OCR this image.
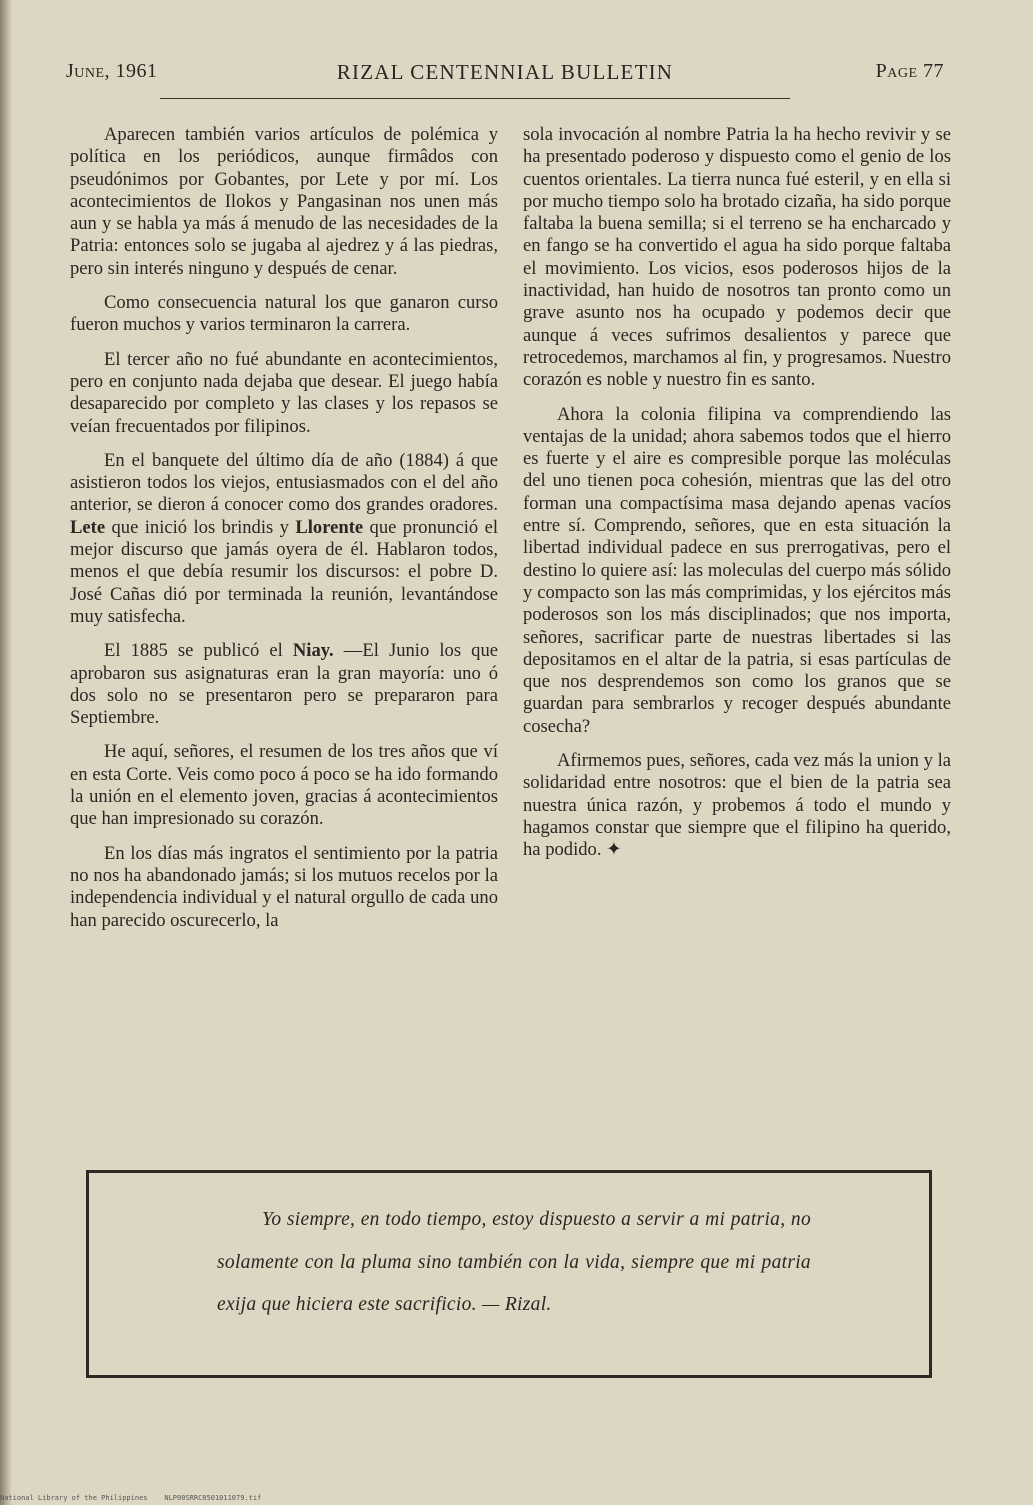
June, 1961	RIZAL CENTENNIAL BULLETIN	Page 77

Aparecen también varios artículos de polémica y política en los periódicos, aunque firmâdos con pseudónimos por Gobantes, por Lete y por mí. Los acontecimientos de Ilokos y Pangasinan nos unen más aun y se habla ya más á menudo de las necesidades de la Patria: entonces solo se jugaba al ajedrez y á las piedras, pero sin interés ninguno y después de cenar.

Como consecuencia natural los que ganaron curso fueron muchos y varios terminaron la carrera.

El tercer año no fué abundante en acontecimientos, pero en conjunto nada dejaba que desear. El juego había desaparecido por completo y las clases y los repasos se veían frecuentados por filipinos.

En el banquete del último día de año (1884) á que asistieron todos los viejos, entusiasmados con el del año anterior, se dieron á conocer como dos grandes oradores. Lete que inició los brindis y Llorente que pronunció el mejor discurso que jamás oyera de él. Hablaron todos, menos el que debía resumir los discursos: el pobre D. José Cañas dió por terminada la reunión, levantándose muy satisfecha.

El 1885 se publicó el Niay. —El Junio los que aprobaron sus asignaturas eran la gran mayoría: uno ó dos solo no se presentaron pero se prepararon para Septiembre.

He aquí, señores, el resumen de los tres años que ví en esta Corte. Veis como poco á poco se ha ido formando la unión en el elemento joven, gracias á acontecimientos que han impresionado su corazón.

En los días más ingratos el sentimiento por la patria no nos ha abandonado jamás; si los mutuos recelos por la independencia individual y el natural orgullo de cada uno han parecido oscurecerlo, la

sola invocación al nombre Patria la ha hecho revivir y se ha presentado poderoso y dispuesto como el genio de los cuentos orientales. La tierra nunca fué esteril, y en ella si por mucho tiempo solo ha brotado cizaña, ha sido porque faltaba la buena semilla; si el terreno se ha encharcado y en fango se ha convertido el agua ha sido porque faltaba el movimiento. Los vicios, esos poderosos hijos de la inactividad, han huido de nosotros tan pronto como un grave asunto nos ha ocupado y podemos decir que aunque á veces sufrimos desalientos y parece que retrocedemos, marchamos al fin, y progresamos. Nuestro corazón es noble y nuestro fin es santo.

Ahora la colonia filipina va comprendiendo las ventajas de la unidad; ahora sabemos todos que el hierro es fuerte y el aire es compresible porque las moléculas del uno tienen poca cohesión, mientras que las del otro forman una compactísima masa dejando apenas vacíos entre sí. Comprendo, señores, que en esta situación la libertad individual padece en sus prerrogativas, pero el destino lo quiere así: las moleculas del cuerpo más sólido y compacto son las más comprimidas, y los ejércitos más poderosos son los más disciplinados; que nos importa, señores, sacrificar parte de nuestras libertades si las depositamos en el altar de la patria, si esas partículas de que nos desprendemos son como los granos que se guardan para sembrarlos y recoger después abundante cosecha?

Afirmemos pues, señores, cada vez más la union y la solidaridad entre nosotros: que el bien de la patria sea nuestra única razón, y probemos á todo el mundo y hagamos constar que siempre que el filipino ha querido, ha podido. ✦

Yo siempre, en todo tiempo, estoy dispuesto a servir a mi patria, no solamente con la pluma sino también con la vida, siempre que mi patria exija que hiciera este sacrificio. — Rizal.
National Library of the Philippines NLP00SRRC0501011079.tif
